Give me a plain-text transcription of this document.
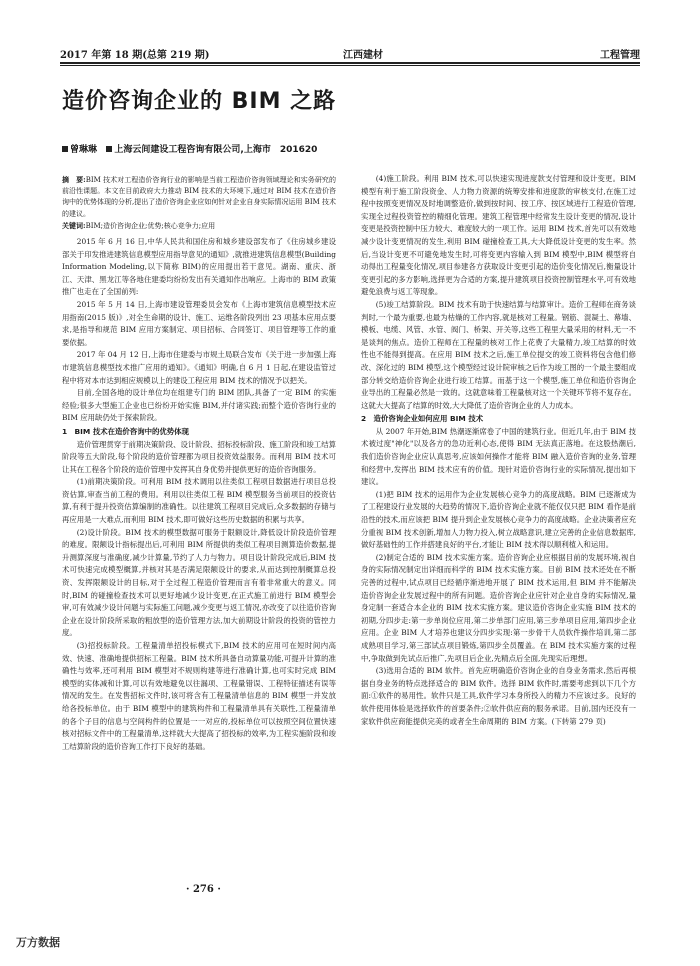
2017 年第 18 期(总第 219 期)	江西建材	工程管理
造价咨询企业的 BIM 之路
曾琳琳 上海云间建设工程咨询有限公司,上海市　201620

摘　要:BIM 技术对工程造价咨询行业的影响是当前工程造价咨询领域理论和实务研究的前沿性课题。本文在目前政府大力推动 BIM 技术的大环境下,通过对 BIM 技术在造价咨询中的优势体现的分析,提出了造价咨询企业应如何针对企业自身实际情况运用 BIM 技术的建议。

关键词:BIM;造价咨询企业;优势;核心竞争力;应用

2015 年 6 月 16 日,中华人民共和国住房和城乡建设部发布了《住房城乡建设部关于印发推进建筑信息模型应用指导意见的通知》,就推进建筑信息模型(Building Information Modeling,以下简称 BIM)的应用提出若干意见。湖南、重庆、浙江、天津、黑龙江等各地住建委均纷纷发出有关通知作出响应。上海市的 BIM 政策推广也走在了全国前列:

2015 年 5 月 14 日,上海市建设管理委员会发布《上海市建筑信息模型技术应用指南(2015 版)》,对全生命期的设计、施工、运维各阶段列出 23 项基本应用点要求,是指导和规范 BIM 应用方案制定、项目招标、合同签订、项目管理等工作的重要依据。

2017 年 04 月 12 日,上海市住建委与市规土局联合发布《关于进一步加强上海市建筑信息模型技术推广应用的通知》。《通知》明确,自 6 月 1 日起,在建设监管过程中将对本市达到相应规模以上的建设工程应用 BIM 技术的情况予以把关。

目前,全国各地的设计单位均在组建专门的 BIM 团队,具备了一定 BIM 的实施经验;很多大型施工企业也已纷纷开始实施 BIM,并付诸实践;而整个造价咨询行业的 BIM 应用缺仍处于探索阶段。

1　BIM 技术在造价咨询中的优势体现

造价管理贯穿于前期决策阶段、设计阶段、招标投标阶段、施工阶段和竣工结算阶段等五大阶段,每个阶段的造价管理都为项目投资效益服务。而利用 BIM 技术可让其在工程各个阶段的造价管理中发挥其自身优势并提供更好的造价咨询服务。

(1)前期决策阶段。可利用 BIM 技术调用以往类似工程项目数据进行项目总投资估算,审查当前工程的费用。利用以往类似工程 BIM 模型服务当前项目的投资估算,有利于提升投资估算编制的准确性。以往建筑工程项目完成后,众多数据的存储与再应用是一大难点,而利用 BIM 技术,即可做好这些历史数据的积累与共享。

(2)设计阶段。BIM 技术的模型数据可服务于限额设计,降低设计阶段造价管理的难度。限额设计指标提出后,可利用 BIM 所提供的类似工程项目测算造价数据,提升测算深度与准确度,减少计算量,节约了人力与物力。项目设计阶段完成后,BIM 技术可快速完成模型概算,并核对其是否满足限额设计的要求,从而达到控制概算总投资、发挥限额设计的目标,对于全过程工程造价管理而言有着非常重大的意义。同时,BIM 的碰撞检查技术可以更好地减少设计变更,在正式施工前进行 BIM 模型会审,可有效减少设计问题与实际施工问题,减少变更与返工情况,亦改变了以往造价咨询企业在设计阶段所采取的粗放型的造价管理方法,加大前期设计阶段的投资的管控力度。

(3)招投标阶段。工程量清单招投标模式下,BIM 技术的应用可在短时间内高效、快速、准确地提供招标工程量。BIM 技术所具备自动算量功能,可提升计算的准确性与效率,还可利用 BIM 模型对不规则构建等进行准确计算,也可实时完成 BIM 模型的实体减和计算,可以有效地避免以往漏项、工程量错误、工程特征描述有误等情况的发生。在发售招标文件时,该可将含有工程量清单信息的 BIM 模型一并发放给各投标单位。由于 BIM 模型中的建筑构件和工程量清单具有关联性,工程量清单的各个子目的信息与空间构件的位置是一一对应的,投标单位可以按照空间位置快速核对招标文件中的工程量清单,这样就大大提高了招投标的效率,为工程实施阶段和竣工结算阶段的造价咨询工作打下良好的基础。

(4)施工阶段。利用 BIM 技术,可以快速实现进度款支付管理和设计变更。BIM 模型有利于施工阶段资金、人力物力资源的统筹安排和进度款的审核支付,在施工过程中按照变更情况及时地调整造价,做到按时间、按工序、按区域进行工程造价管理,实现全过程投资管控的精细化管理。建筑工程管理中经常发生设计变更的情况,设计变更是投资控制中压力较大、难度较大的一项工作。运用 BIM 技术,首先可以有效地减少设计变更情况的发生,利用 BIM 碰撞检查工具,大大降低设计变更的发生率。然后,当设计变更不可避免地发生时,可将变更内容输入到 BIM 模型中,BIM 模型将自动得出工程量变化情况,项目参建各方获取设计变更引起的造价变化情况后,衡量设计变更引起的多方影响,选择更为合适的方案,提升建筑项目投资控制管理水平,可有效地避免浪费与返工等现象。

(5)竣工结算阶段。BIM 技术有助于快速结算与结算审计。造价工程师在商务谈判时,一个最为重要,也最为枯燥的工作内容,就是核对工程量。钢筋、混凝土、幕墙、模板、电缆、风管、水管、阀门、桥架、开关等,这些工程里大量采用的材料,无一不是谈判的焦点。造价工程师在工程量的核对工作上花费了大量精力,竣工结算的时效性也不能得到提高。在应用 BIM 技术之后,施工单位提交的竣工资料将包含他们修改、深化过的 BIM 模型,这个模型经过设计院审核之后作为竣工图的一个最主要组成部分转交给造价咨询企业进行竣工结算。而基于这一个模型,施工单位和造价咨询企业导出的工程量必然是一致的。这就意味着工程量核对这一个关键环节将不复存在。这就大大提高了结算的时效,大大降低了造价咨询企业的人力成本。

2　造价咨询企业如何应用 BIM 技术

从 2007 年开始,BIM 热潮逐渐席卷了中国的建筑行业。但近几年,由于 BIM 技术被过度"神化"以及各方的急功近利心态,使得 BIM 无法真正落地。在这股热潮后,我们造价咨询企业应认真思考,应该如何操作才能将 BIM 融入造价咨询的业务,管理和经营中,发挥出 BIM 技术应有的价值。现针对造价咨询行业的实际情况,提出如下建议。

(1)把 BIM 技术的运用作为企业发展核心竞争力的高度战略。BIM 已逐渐成为了工程建设行业发展的大趋势的情况下,造价咨询企业就不能仅仅只把 BIM 看作是前沿性的技术,而应该把 BIM 提升到企业发展核心竞争力的高度战略。企业决策者应充分重视 BIM 技术创新,增加人力物力投入,树立战略意识,建立完善的企业信息数据库,做好基础性的工作并搭建良好的平台,才能让 BIM 技术得以顺利植入和运用。

(2)制定合适的 BIM 技术实施方案。造价咨询企业应根据目前的发展环境,视自身的实际情况制定出详细而科学的 BIM 技术实施方案。目前 BIM 技术还处在不断完善的过程中,试点项目已经循序渐进地开展了 BIM 技术运用,但 BIM 并不能解决造价咨询企业发展过程中的所有问题。造价咨询企业应针对企业自身的实际情况,量身定制一套适合本企业的 BIM 技术实施方案。建议造价咨询企业实施 BIM 技术的初期,分四步走:第一步单岗位应用,第二步单部门应用,第三步单项目应用,第四步企业应用。企业 BIM 人才培养也建议分四步实现:第一步骨干人员软件操作培训,第二部成熟项目学习,第三部试点项目锻炼,第四步全员覆盖。在 BIM 技术实施方案的过程中,争取做到先试点后推广,先项目后企业,先精点后全面,先现实后理想。

(3)选用合适的 BIM 软件。首先应明确造价咨询企业的自身业务需求,然后再根据自身业务的特点选择适合的 BIM 软件。选择 BIM 软件时,需要考虑到以下几个方面:①软件的易用性。软件只是工具,软件学习本身所投入的精力不应该过多。良好的软件使用体验是选择软件的首要条件;②软件供应商的服务承诺。目前,国内还没有一家软件供应商能提供完美的或者全生命周期的 BIM 方案。(下转第 279 页)

· 276 ·
万方数据
